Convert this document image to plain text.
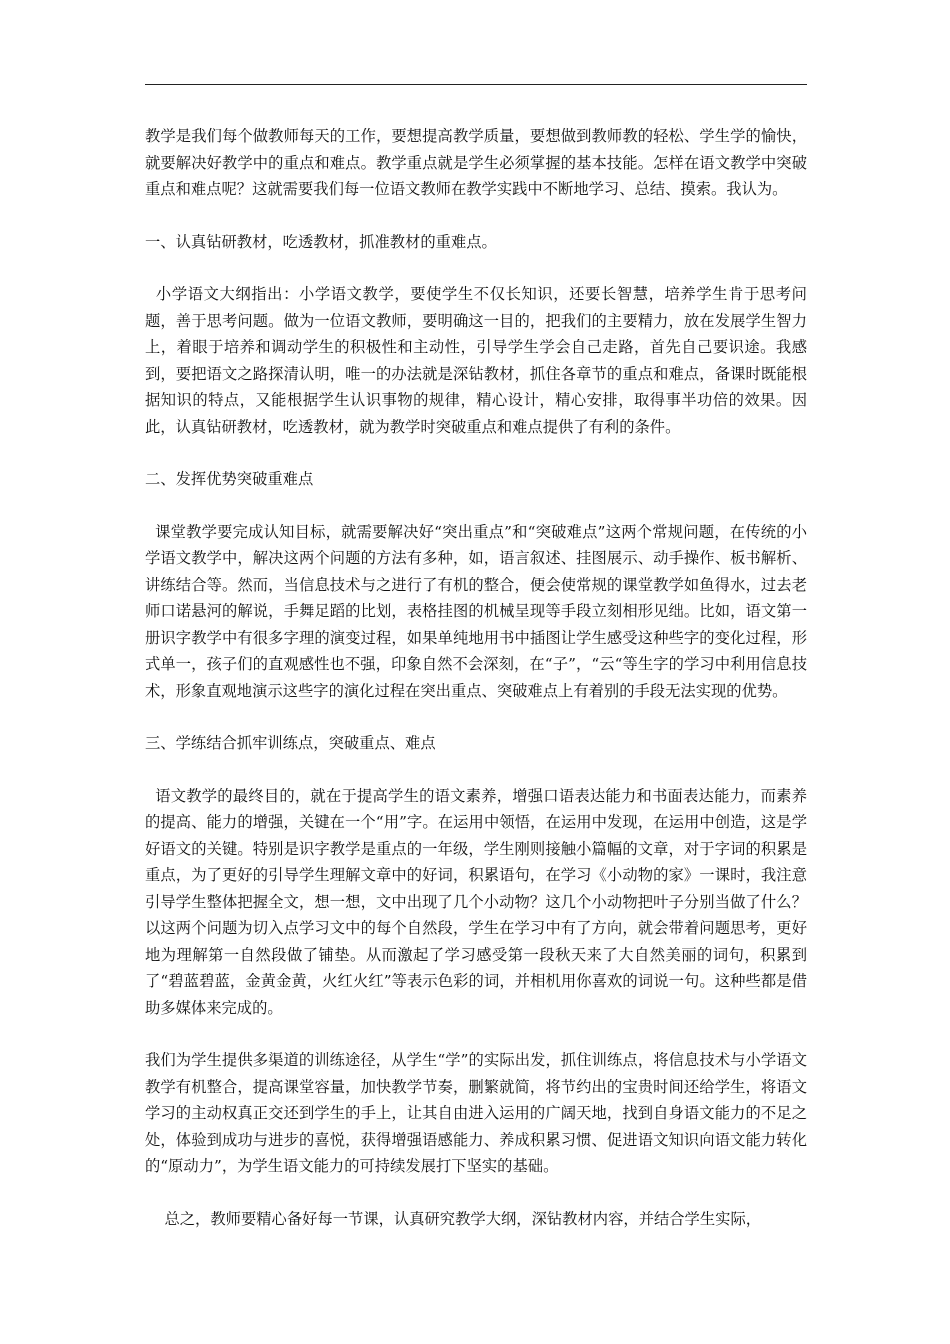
教学是我们每个做教师每天的工作，要想提高教学质量，要想做到教师教的轻松、学生学的愉快，就要解决好教学中的重点和难点。教学重点就是学生必须掌握的基本技能。怎样在语文教学中突破重点和难点呢？这就需要我们每一位语文教师在教学实践中不断地学习、总结、摸索。我认为。

一、认真钻研教材，吃透教材，抓准教材的重难点。

小学语文大纲指出：小学语文教学，要使学生不仅长知识，还要长智慧，培养学生肯于思考问题，善于思考问题。做为一位语文教师，要明确这一目的，把我们的主要精力，放在发展学生智力上，着眼于培养和调动学生的积极性和主动性，引导学生学会自己走路，首先自己要识途。我感到，要把语文之路探清认明，唯一的办法就是深钻教材，抓住各章节的重点和难点，备课时既能根据知识的特点，又能根据学生认识事物的规律，精心设计，精心安排，取得事半功倍的效果。因此，认真钻研教材，吃透教材，就为教学时突破重点和难点提供了有利的条件。

二、发挥优势突破重难点

课堂教学要完成认知目标，就需要解决好“突出重点”和“突破难点”这两个常规问题，在传统的小学语文教学中，解决这两个问题的方法有多种，如，语言叙述、挂图展示、动手操作、板书解析、讲练结合等。然而，当信息技术与之进行了有机的整合，便会使常规的课堂教学如鱼得水，过去老师口诺悬河的解说，手舞足蹈的比划，表格挂图的机械呈现等手段立刻相形见绌。比如，语文第一册识字教学中有很多字理的演变过程，如果单纯地用书中插图让学生感受这种些字的变化过程，形式单一，孩子们的直观感性也不强，印象自然不会深刻，在“子”，“云“等生字的学习中利用信息技术，形象直观地演示这些字的演化过程在突出重点、突破难点上有着别的手段无法实现的优势。

三、学练结合抓牢训练点，突破重点、难点

语文教学的最终目的，就在于提高学生的语文素养，增强口语表达能力和书面表达能力，而素养的提高、能力的增强，关键在一个“用”字。在运用中领悟，在运用中发现，在运用中创造，这是学好语文的关键。特别是识字教学是重点的一年级，学生刚则接触小篇幅的文章，对于字词的积累是重点，为了更好的引导学生理解文章中的好词，积累语句，在学习《小动物的家》一课时，我注意引导学生整体把握全文，想一想，文中出现了几个小动物？这几个小动物把叶子分别当做了什么？以这两个问题为切入点学习文中的每个自然段，学生在学习中有了方向，就会带着问题思考，更好地为理解第一自然段做了铺垫。从而激起了学习感受第一段秋天来了大自然美丽的词句，积累到了“碧蓝碧蓝，金黄金黄，火红火红”等表示色彩的词，并相机用你喜欢的词说一句。这种些都是借助多媒体来完成的。

我们为学生提供多渠道的训练途径，从学生“学”的实际出发，抓住训练点，将信息技术与小学语文教学有机整合，提高课堂容量，加快教学节奏，删繁就简，将节约出的宝贵时间还给学生，将语文学习的主动权真正交还到学生的手上，让其自由进入运用的广阔天地，找到自身语文能力的不足之处，体验到成功与进步的喜悦，获得增强语感能力、养成积累习惯、促进语文知识向语文能力转化的“原动力”，为学生语文能力的可持续发展打下坚实的基础。

总之，教师要精心备好每一节课，认真研究教学大纲，深钻教材内容，并结合学生实际，
